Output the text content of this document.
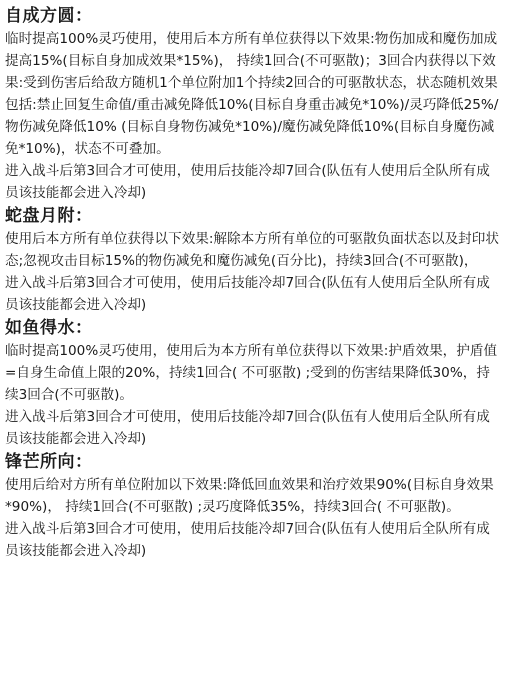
自成方圆：

临时提高100%灵巧使用，使用后本方所有单位获得以下效果:物伤加成和魔伤加成提高15%(目标自身加成效果*15%)， 持续1回合(不可驱散)；3回合内获得以下效果:受到伤害后给敌方随机1个单位附加1个持续2回合的可驱散状态，状态随机效果包括:禁止回复生命值/重击减免降低10%(目标自身重击减免*10%)/灵巧降低25%/物伤减免降低10% (目标自身物伤减免*10%)/魔伤减免降低10%(目标自身魔伤减免*10%)，状态不可叠加。

进入战斗后第3回合才可使用，使用后技能冷却7回合(队伍有人使用后全队所有成员该技能都会进入冷却)

蛇盘月附：

使用后本方所有单位获得以下效果:解除本方所有单位的可驱散负面状态以及封印状态;忽视攻击目标15%的物伤减免和魔伤减免(百分比)，持续3回合(不可驱散)，

进入战斗后第3回合才可使用，使用后技能冷却7回合(队伍有人使用后全队所有成员该技能都会进入冷却)

如鱼得水：

临时提高100%灵巧使用，使用后为本方所有单位获得以下效果:护盾效果，护盾值=自身生命值上限的20%，持续1回合( 不可驱散) ;受到的伤害结果降低30%，持续3回合(不可驱散)。

进入战斗后第3回合才可使用，使用后技能冷却7回合(队伍有人使用后全队所有成员该技能都会进入冷却)

锋芒所向：

使用后给对方所有单位附加以下效果:降低回血效果和治疗效果90%(目标自身效果*90%)， 持续1回合(不可驱散) ;灵巧度降低35%，持续3回合( 不可驱散)。

进入战斗后第3回合才可使用，使用后技能冷却7回合(队伍有人使用后全队所有成员该技能都会进入冷却)
